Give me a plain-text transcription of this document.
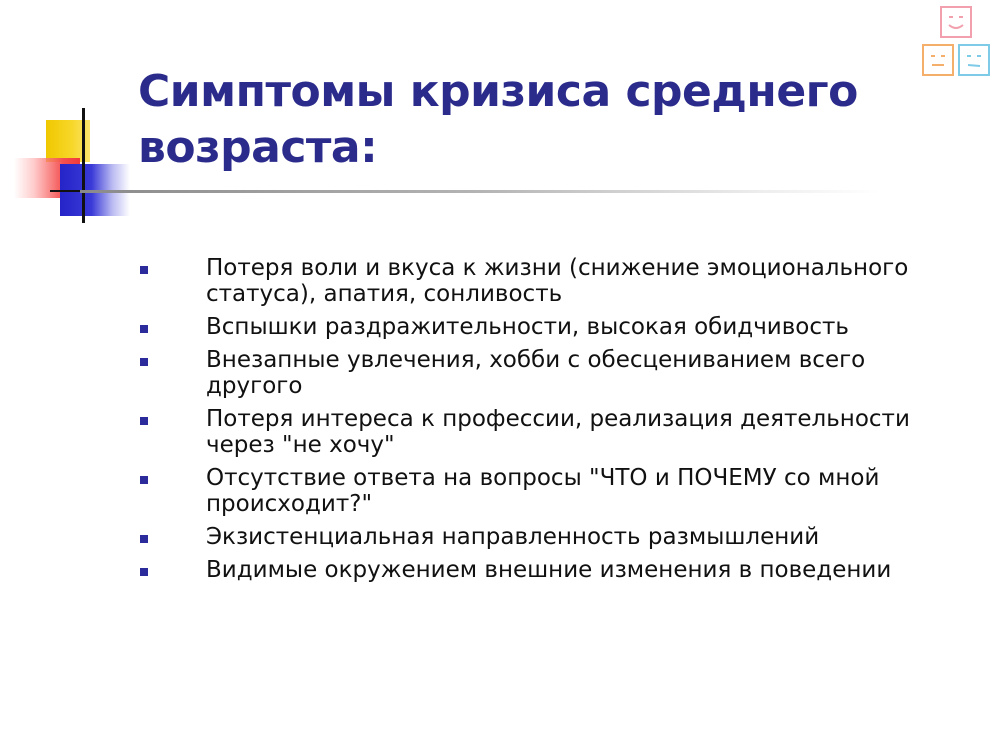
Симптомы кризиса среднего возраста:
Потеря воли и вкуса к жизни (снижение эмоционального статуса), апатия, сонливость
Вспышки раздражительности, высокая обидчивость
Внезапные увлечения, хобби с обесцениванием всего другого
Потеря интереса к профессии, реализация деятельности через "не хочу"
Отсутствие ответа на вопросы "ЧТО и ПОЧЕМУ со мной происходит?"
Экзистенциальная направленность размышлений
Видимые окружением внешние изменения в поведении
